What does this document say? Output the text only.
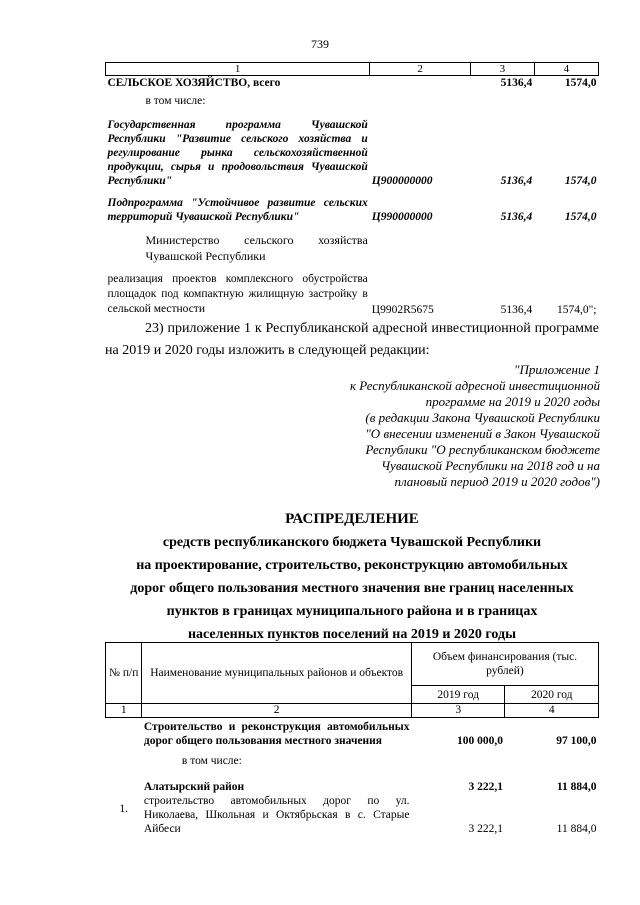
739
1	2	3	4
СЕЛЬСКОЕ ХОЗЯЙСТВО, всего		5136,4	1574,0
в том числе:			
Государственная программа Чувашской Республики "Развитие сельского хозяйства и регулирование рынка сельскохозяйственной продукции, сырья и продовольствия Чувашской Республики"	Ц900000000	5136,4	1574,0
Подпрограмма "Устойчивое развитие сельских территорий Чувашской Республики"	Ц990000000	5136,4	1574,0
Министерство сельского хозяйства Чувашской Республики			
реализация проектов комплексного обустройства площадок под компактную жилищную застройку в сельской местности	Ц9902R5675	5136,4	1574,0";
23) приложение 1 к Республиканской адресной инвестиционной программе на 2019 и 2020 годы изложить в следующей редакции:
"Приложение 1
к Республиканской адресной инвестиционной
программе на 2019 и 2020 годы
(в редакции Закона Чувашской Республики
"О внесении изменений в Закон Чувашской
Республики "О республиканском бюджете
Чувашской Республики на 2018 год и на
плановый период 2019 и 2020 годов")
РАСПРЕДЕЛЕНИЕ
средств республиканского бюджета Чувашской Республики
на проектирование, строительство, реконструкцию автомобильных
дорог общего пользования местного значения вне границ населенных
пунктов в границах муниципального района и в границах
населенных пунктов поселений на 2019 и 2020 годы
№ п/п	Наименование муниципальных районов и объектов	Объем финансирования (тыс. рублей)	
		2019 год	2020 год
1	2	3	4
	Строительство и реконструкция автомобильных дорог общего пользования местного значения	100 000,0	97 100,0
	в том числе:		
	Алатырский район	3 222,1	11 884,0
1.	строительство автомобильных дорог по ул. Николаева, Школьная и Октябрьская в с. Старые Айбеси	3 222,1	11 884,0
